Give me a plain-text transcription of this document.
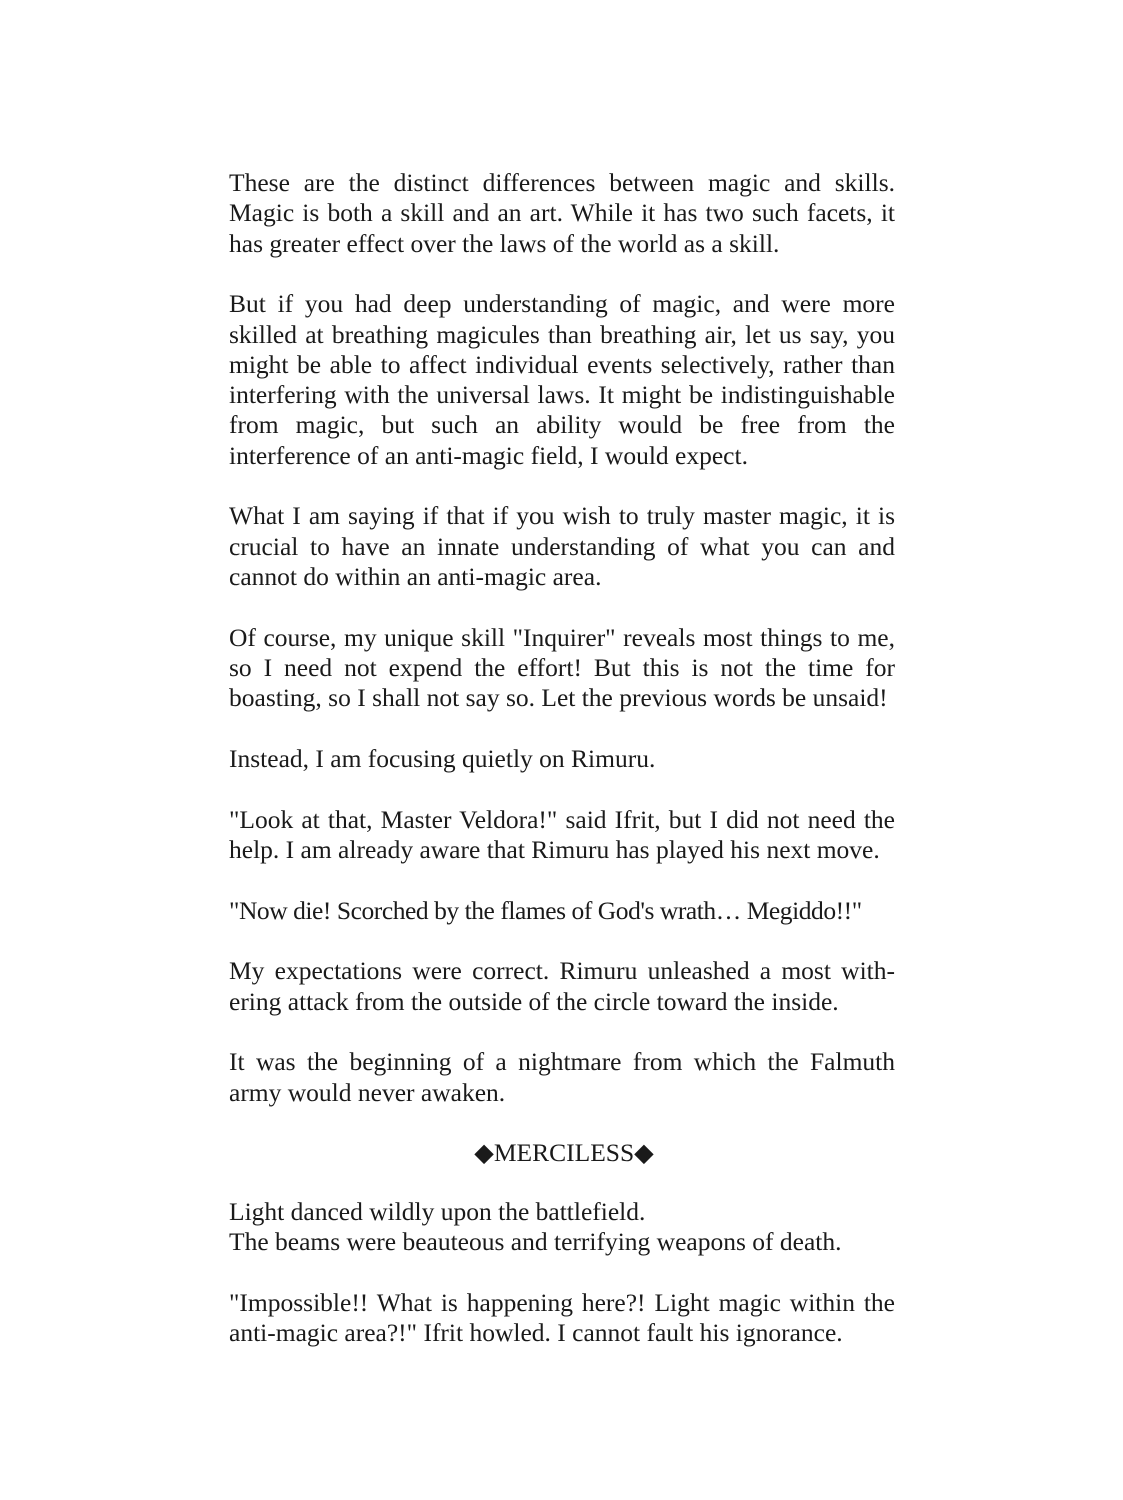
These are the distinct differences between magic and skills. Magic is both a skill and an art. While it has two such facets, it has greater effect over the laws of the world as a skill.

But if you had deep understanding of magic, and were more skilled at breathing magicules than breathing air, let us say, you might be able to affect individual events selectively, rather than interfering with the universal laws. It might be indistinguishable from magic, but such an ability would be free from the interference of an anti-magic field, I would expect.

What I am saying if that if you wish to truly master magic, it is crucial to have an innate understanding of what you can and cannot do within an anti-magic area.

Of course, my unique skill "Inquirer" reveals most things to me, so I need not expend the effort! But this is not the time for boasting, so I shall not say so. Let the previous words be unsaid!

Instead, I am focusing quietly on Rimuru.

"Look at that, Master Veldora!" said Ifrit, but I did not need the help. I am already aware that Rimuru has played his next move.

"Now die! Scorched by the flames of God's wrath… Megiddo!!"

My expectations were correct. Rimuru unleashed a most withering attack from the outside of the circle toward the inside.

It was the beginning of a nightmare from which the Falmuth army would never awaken.

◆MERCILESS◆

Light danced wildly upon the battlefield.
The beams were beauteous and terrifying weapons of death.

"Impossible!! What is happening here?! Light magic within the anti-magic area?!" Ifrit howled. I cannot fault his ignorance.
